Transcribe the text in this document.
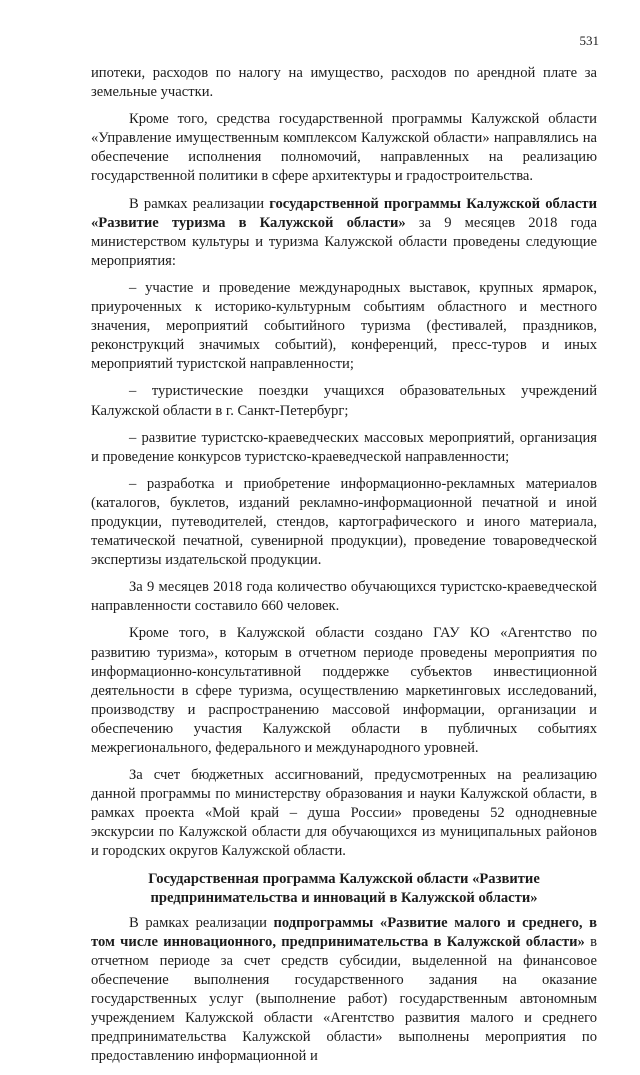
531

ипотеки, расходов по налогу на имущество, расходов по арендной плате за земельные участки.

Кроме того, средства государственной программы Калужской области «Управление имущественным комплексом Калужской области» направлялись на обеспечение исполнения полномочий, направленных на реализацию государственной политики в сфере архитектуры и градостроительства.

В рамках реализации государственной программы Калужской области «Развитие туризма в Калужской области» за 9 месяцев 2018 года министерством культуры и туризма Калужской области проведены следующие мероприятия:

– участие и проведение международных выставок, крупных ярмарок, приуроченных к историко-культурным событиям областного и местного значения, мероприятий событийного туризма (фестивалей, праздников, реконструкций значимых событий), конференций, пресс-туров и иных мероприятий туристской направленности;

– туристические поездки учащихся образовательных учреждений Калужской области в г. Санкт-Петербург;

– развитие туристско-краеведческих массовых мероприятий, организация и проведение конкурсов туристско-краеведческой направленности;

– разработка и приобретение информационно-рекламных материалов (каталогов, буклетов, изданий рекламно-информационной печатной и иной продукции, путеводителей, стендов, картографического и иного материала, тематической печатной, сувенирной продукции), проведение товароведческой экспертизы издательской продукции.

За 9 месяцев 2018 года количество обучающихся туристско-краеведческой направленности составило 660 человек.

Кроме того, в Калужской области создано ГАУ КО «Агентство по развитию туризма», которым в отчетном периоде проведены мероприятия по информационно-консультативной поддержке субъектов инвестиционной деятельности в сфере туризма, осуществлению маркетинговых исследований, производству и распространению массовой информации, организации и обеспечению участия Калужской области в публичных событиях межрегионального, федерального и международного уровней.

За счет бюджетных ассигнований, предусмотренных на реализацию данной программы по министерству образования и науки Калужской области, в рамках проекта «Мой край – душа России» проведены 52 однодневные экскурсии по Калужской области для обучающихся из муниципальных районов и городских округов Калужской области.

Государственная программа Калужской области «Развитие
предпринимательства и инноваций в Калужской области»

В рамках реализации подпрограммы «Развитие малого и среднего, в том числе инновационного, предпринимательства в Калужской области» в отчетном периоде за счет средств субсидии, выделенной на финансовое обеспечение выполнения государственного задания на оказание государственных услуг (выполнение работ) государственным автономным учреждением Калужской области «Агентство развития малого и среднего предпринимательства Калужской области» выполнены мероприятия по предоставлению информационной и
